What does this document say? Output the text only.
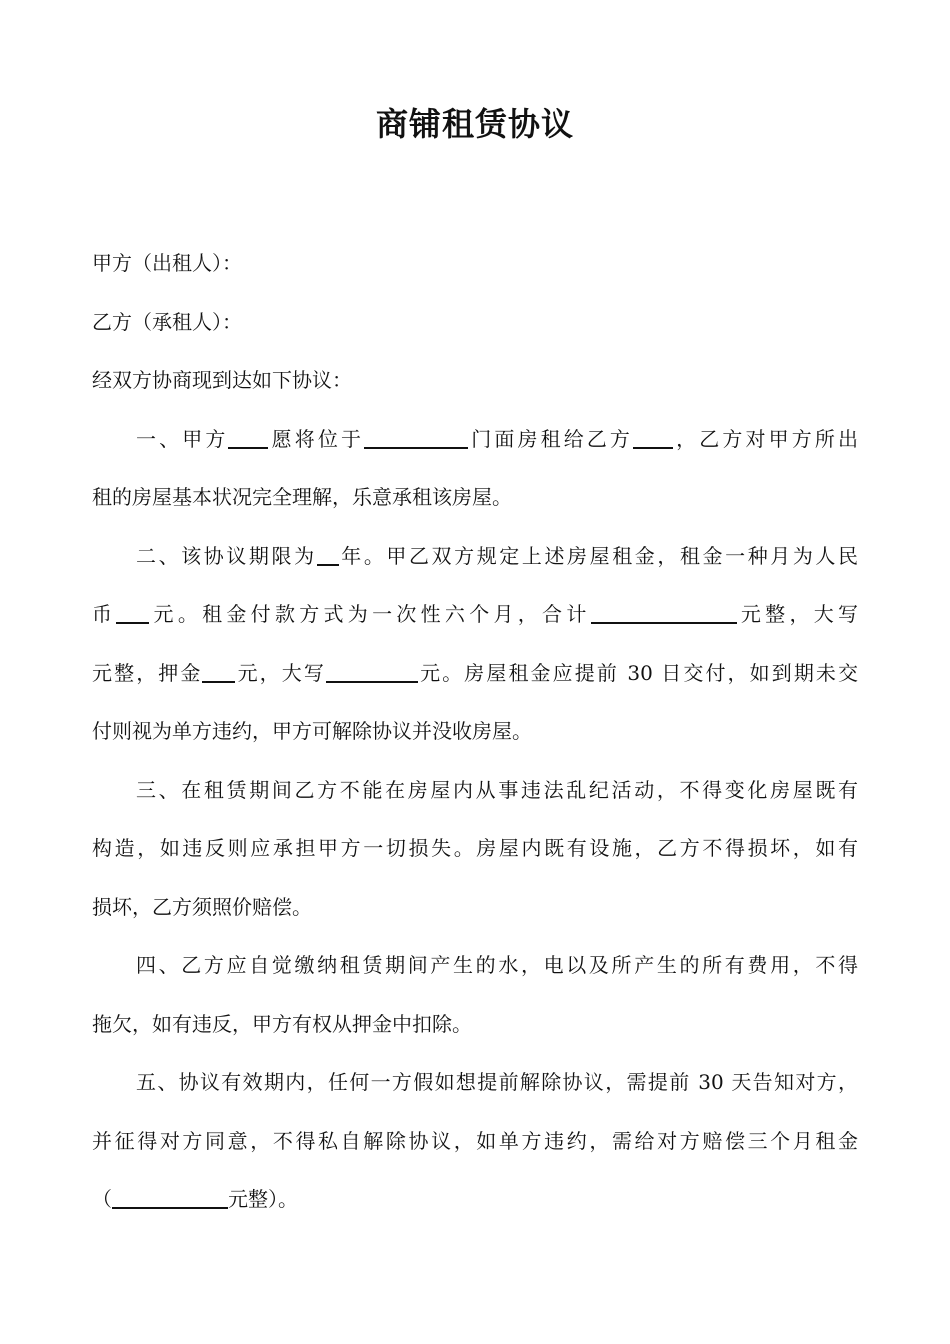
商铺租赁协议
甲方（出租人）：
乙方（承租人）：
经双方协商现到达如下协议：
一、甲方 愿将位于	门面房租给乙方 ，乙方对甲方所出
租的房屋基本状况完全理解，乐意承租该房屋。
二、该协议期限为 年。甲乙双方规定上述房屋租金，租金一种月为人民
币 元。租金付款方式为一次性六个月，合计	元整，大写
元整，押金 元，大写	元。房屋租金应提前 30 日交付，如到期未交
付则视为单方违约，甲方可解除协议并没收房屋。
三、在租赁期间乙方不能在房屋内从事违法乱纪活动，不得变化房屋既有
构造，如违反则应承担甲方一切损失。房屋内既有设施，乙方不得损坏，如有
损坏，乙方须照价赔偿。
四、乙方应自觉缴纳租赁期间产生的水，电以及所产生的所有费用，不得
拖欠，如有违反，甲方有权从押金中扣除。
五、协议有效期内，任何一方假如想提前解除协议，需提前 30 天告知对方，
并征得对方同意，不得私自解除协议，如单方违约，需给对方赔偿三个月租金
（	元整）。
